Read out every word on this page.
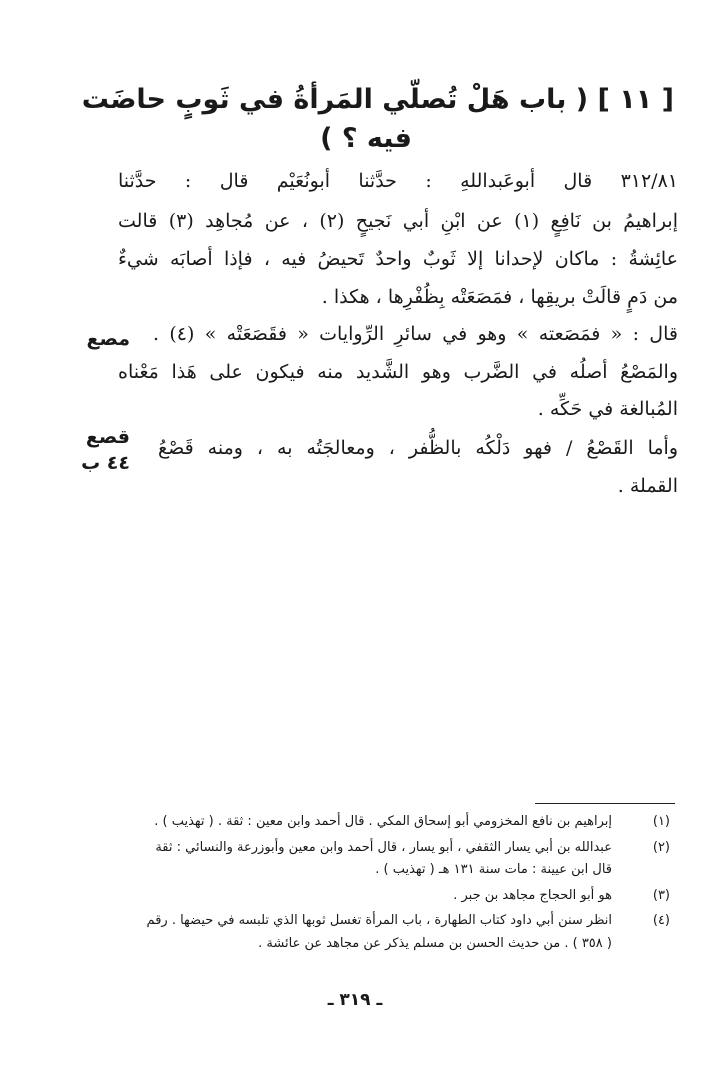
[ ١١ ] ( باب هَلْ تُصلّي المَرأةُ في ثَوبٍ حاضَت
فيه ؟ )
٣١٢/٨١ قال أبوعَبداللهِ : حدَّثنا أبونُعَيْم قال : حدَّثنا
إبراهيمُ بن نَافِعٍ (١) عن ابْنِ أبي نَجيحٍ (٢) ، عن مُجاهِد (٣) قالت
عائِشةُ : ماكان لإحدانا إلا ثَوبٌ واحدٌ تَحيضُ فيه ، فإذا أصابَه شيءٌ
من دَمٍ قالَتْ بريقِها ، فمَصَعَتْه بِظُفْرِها ، هكذا .
قال : « فمَصَعته » وهو في سائرِ الرِّوايات « فقَصَعَتْه » (٤) .
والمَصْعُ أصلُه في الضَّرب وهو الشَّديد منه فيكون على هَذا مَعْناه
المُبالغة في حَكِّه .
وأما القَصْعُ / فهو دَلْكُه بالظُّفر ، ومعالجَتُه به ، ومنه قَصْعُ
القملة .
مصع
قصع
٤٤ ب
(١)
إبراهيم بن نافع المخزومي أبو إسحاق المكي . قال أحمد وابن معين : ثقة . ( تهذيب ) .
(٢)
عبدالله بن أبي يسار الثقفي ، أبو يسار ، قال أحمد وابن معين وأبوزرعة والنسائي : ثقة
قال ابن عيينة : مات سنة ١٣١ هـ ( تهذيب ) .
(٣)
هو أبو الحجاج مجاهد بن جبر .
(٤)
انظر سنن أبي داود كتاب الطهارة ، باب المرأة تغسل ثوبها الذي تلبسه في حيضها . رقم
( ٣٥٨ ) . من حديث الحسن بن مسلم يذكر عن مجاهد عن عائشة .
ـ ٣١٩ ـ
